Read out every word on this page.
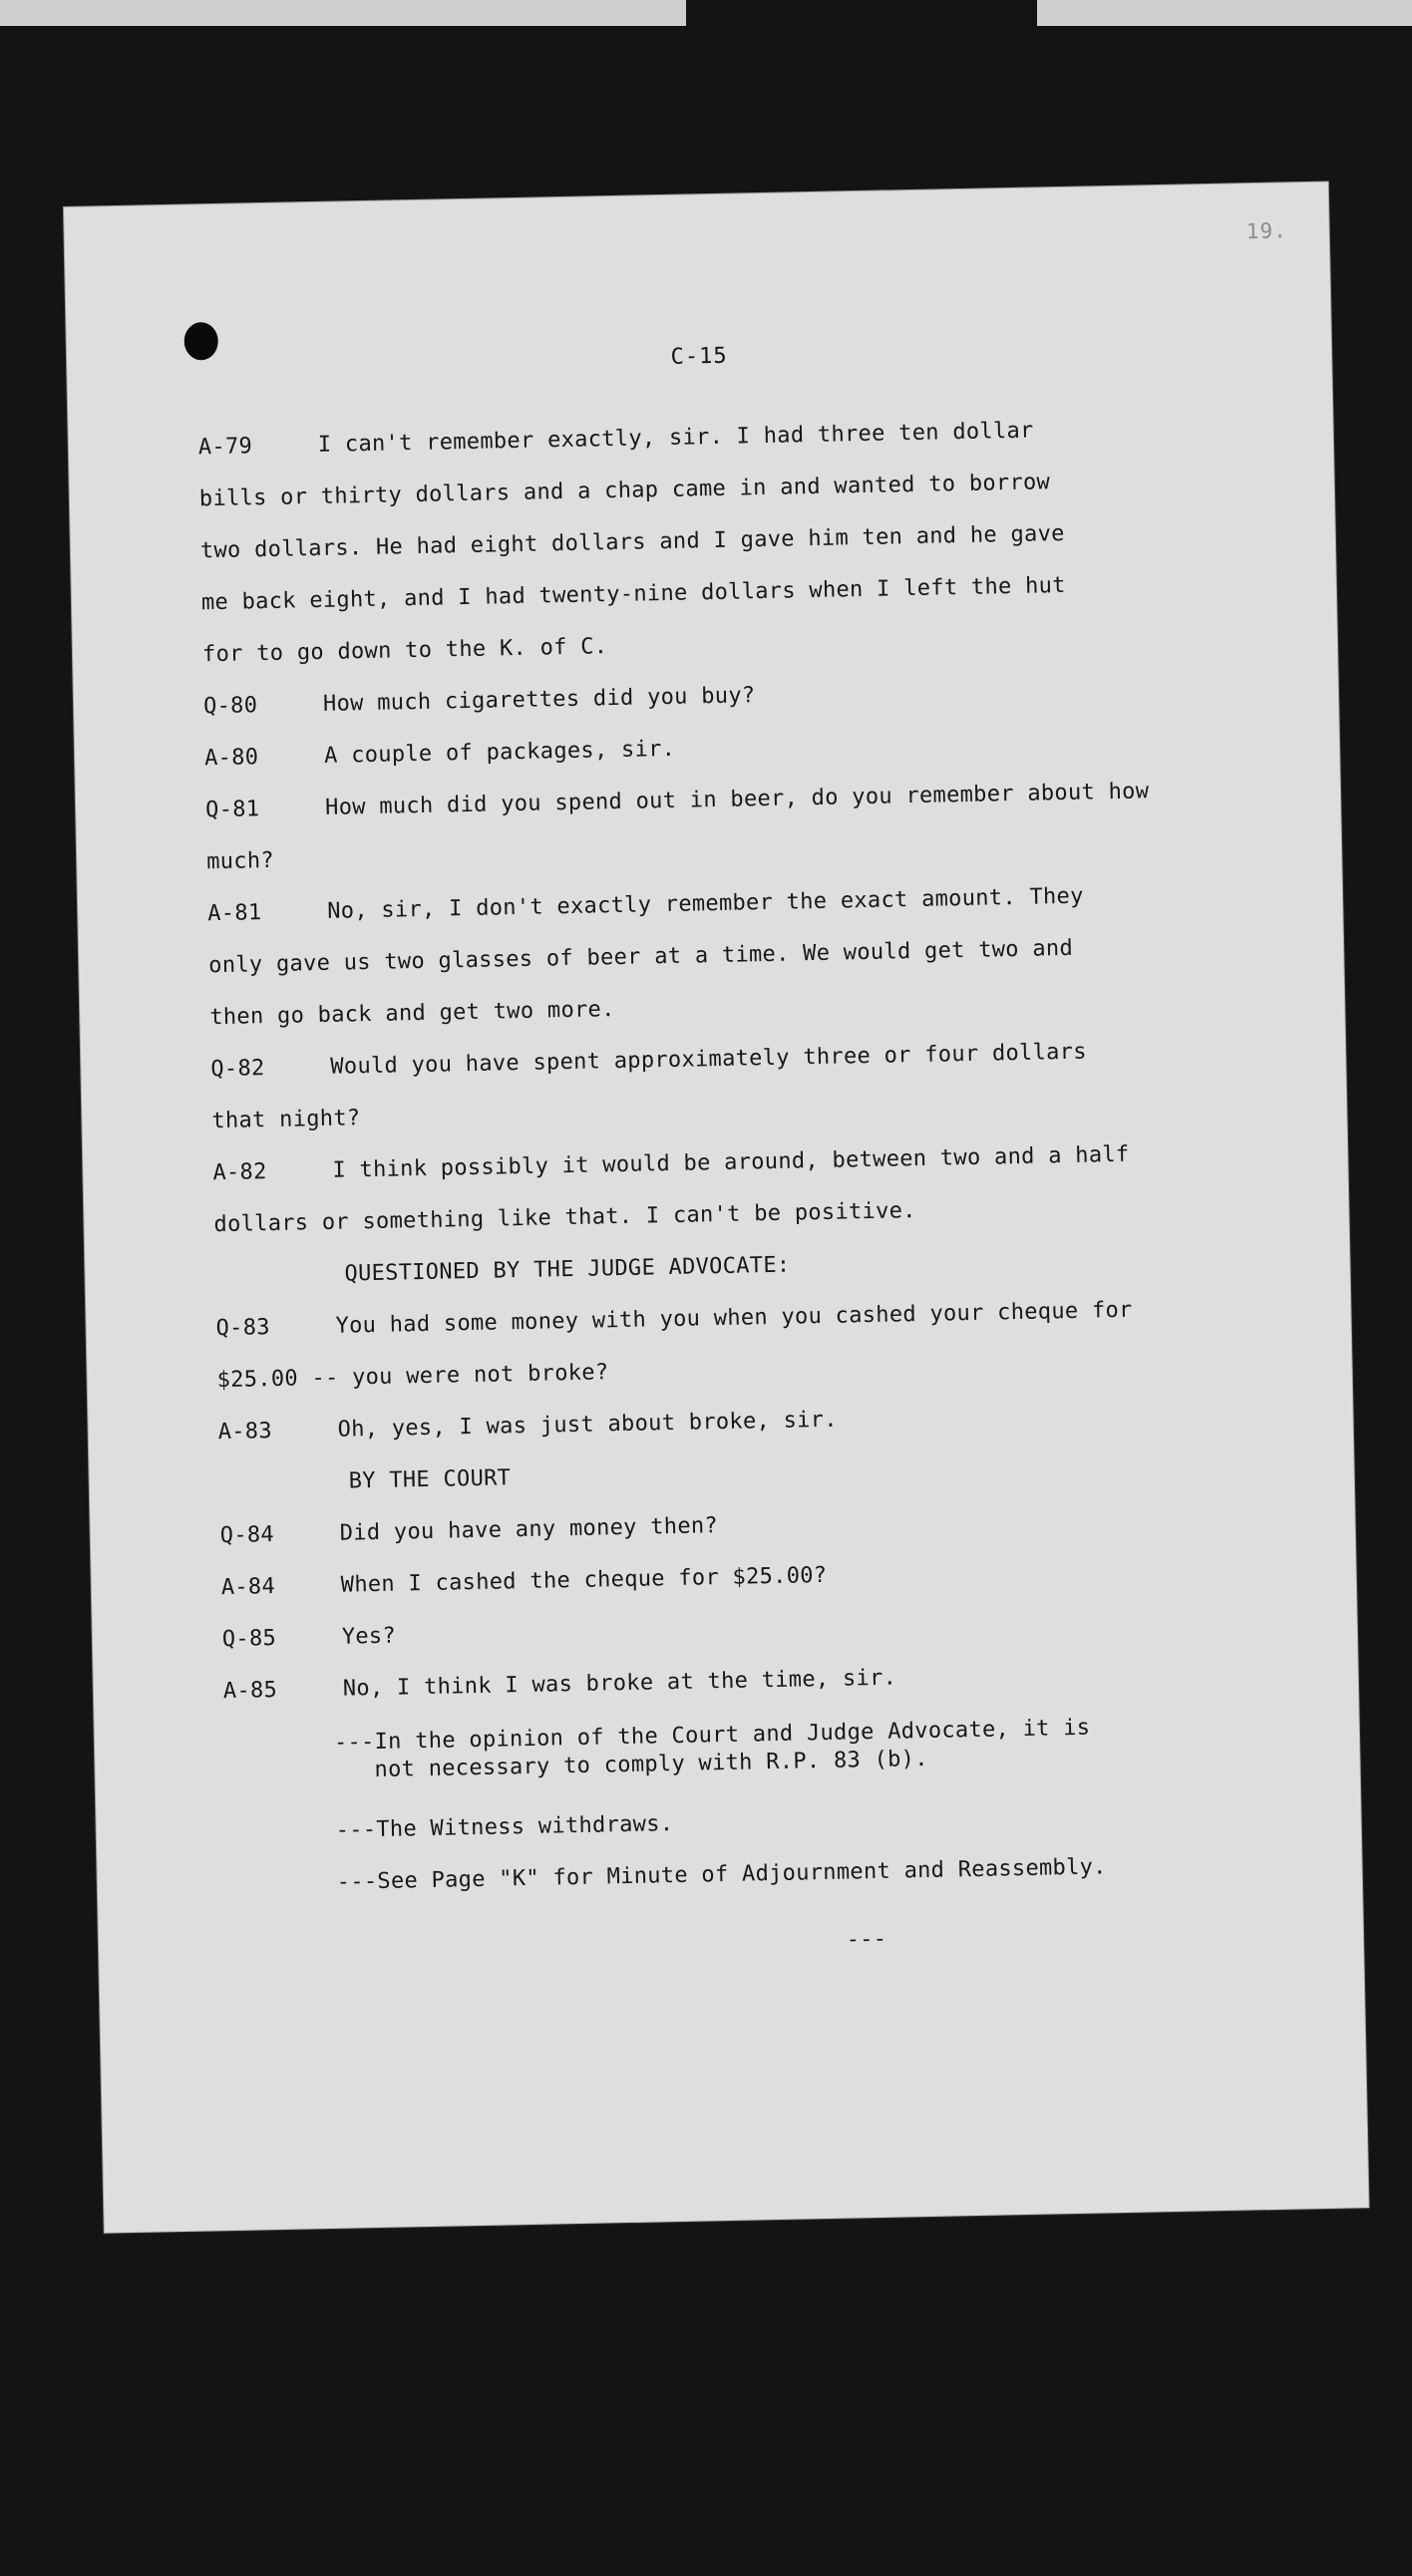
19.
C-15
A-79	I can't remember exactly, sir. I had three ten dollar
bills or thirty dollars and a chap came in and wanted to borrow
two dollars. He had eight dollars and I gave him ten and he gave
me back eight, and I had twenty-nine dollars when I left the hut
for to go down to the K. of C.
Q-80	How much cigarettes did you buy?
A-80	A couple of packages, sir.
Q-81	How much did you spend out in beer, do you remember about how
much?
A-81	No, sir, I don't exactly remember the exact amount. They
only gave us two glasses of beer at a time. We would get two and
then go back and get two more.
Q-82	Would you have spent approximately three or four dollars
that night?
A-82	I think possibly it would be around, between two and a half
dollars or something like that. I can't be positive.
QUESTIONED BY THE JUDGE ADVOCATE:
Q-83	You had some money with you when you cashed your cheque for
$25.00 -- you were not broke?
A-83	Oh, yes, I was just about broke, sir.
BY THE COURT
Q-84	Did you have any money then?
A-84	When I cashed the cheque for $25.00?
Q-85	Yes?
A-85	No, I think I was broke at the time, sir.
---In the opinion of the Court and Judge Advocate, it is
not necessary to comply with R.P. 83 (b).
---The Witness withdraws.
---See Page "K" for Minute of Adjournment and Reassembly.
---
